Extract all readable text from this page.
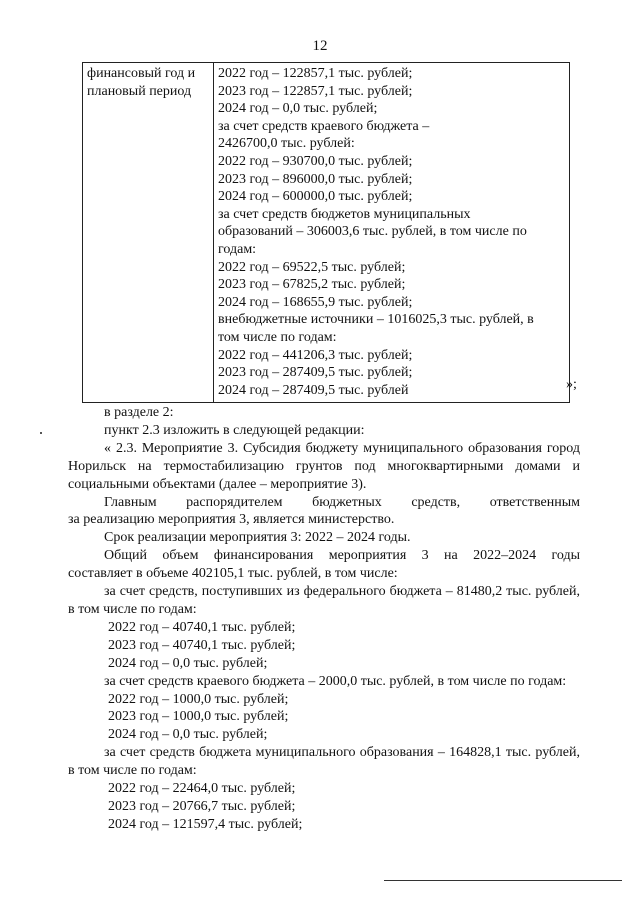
12
финансовый год и
плановый период

2022 год – 122857,1 тыс. рублей;
2023 год – 122857,1 тыс. рублей;
2024 год – 0,0 тыс. рублей;
за счет средств краевого бюджета –
2426700,0 тыс. рублей:
2022 год – 930700,0 тыс. рублей;
2023 год – 896000,0 тыс. рублей;
2024 год – 600000,0 тыс. рублей;
за счет средств бюджетов муниципальных
образований – 306003,6 тыс. рублей, в том числе по
годам:
2022 год – 69522,5 тыс. рублей;
2023 год – 67825,2 тыс. рублей;
2024 год – 168655,9 тыс. рублей;
внебюджетные источники – 1016025,3 тыс. рублей, в
том числе по годам:
2022 год – 441206,3 тыс. рублей;
2023 год – 287409,5 тыс. рублей;
2024 год – 287409,5 тыс. рублей	»;

в разделе 2:

пункт 2.3 изложить в следующей редакции:

« 2.3. Мероприятие 3. Субсидия бюджету муниципального образования город Норильск на термостабилизацию грунтов под многоквартирными домами и социальными объектами (далее – мероприятие 3).

Главным распорядителем бюджетных средств, ответственным

за реализацию мероприятия 3, является министерство.

Срок реализации мероприятия 3: 2022 – 2024 годы.

Общий объем финансирования мероприятия 3 на 2022–2024 годы

составляет в объеме 402105,1 тыс. рублей, в том числе:

за счет средств, поступивших из федерального бюджета – 81480,2 тыс. рублей, в том числе по годам:

2022 год – 40740,1 тыс. рублей;

2023 год – 40740,1 тыс. рублей;

2024 год – 0,0 тыс. рублей;

за счет средств краевого бюджета – 2000,0 тыс. рублей, в том числе по годам:

2022 год – 1000,0 тыс. рублей;

2023 год – 1000,0 тыс. рублей;

2024 год – 0,0 тыс. рублей;

за счет средств бюджета муниципального образования – 164828,1 тыс. рублей, в том числе по годам:

2022 год – 22464,0 тыс. рублей;

2023 год – 20766,7 тыс. рублей;

2024 год – 121597,4 тыс. рублей;
